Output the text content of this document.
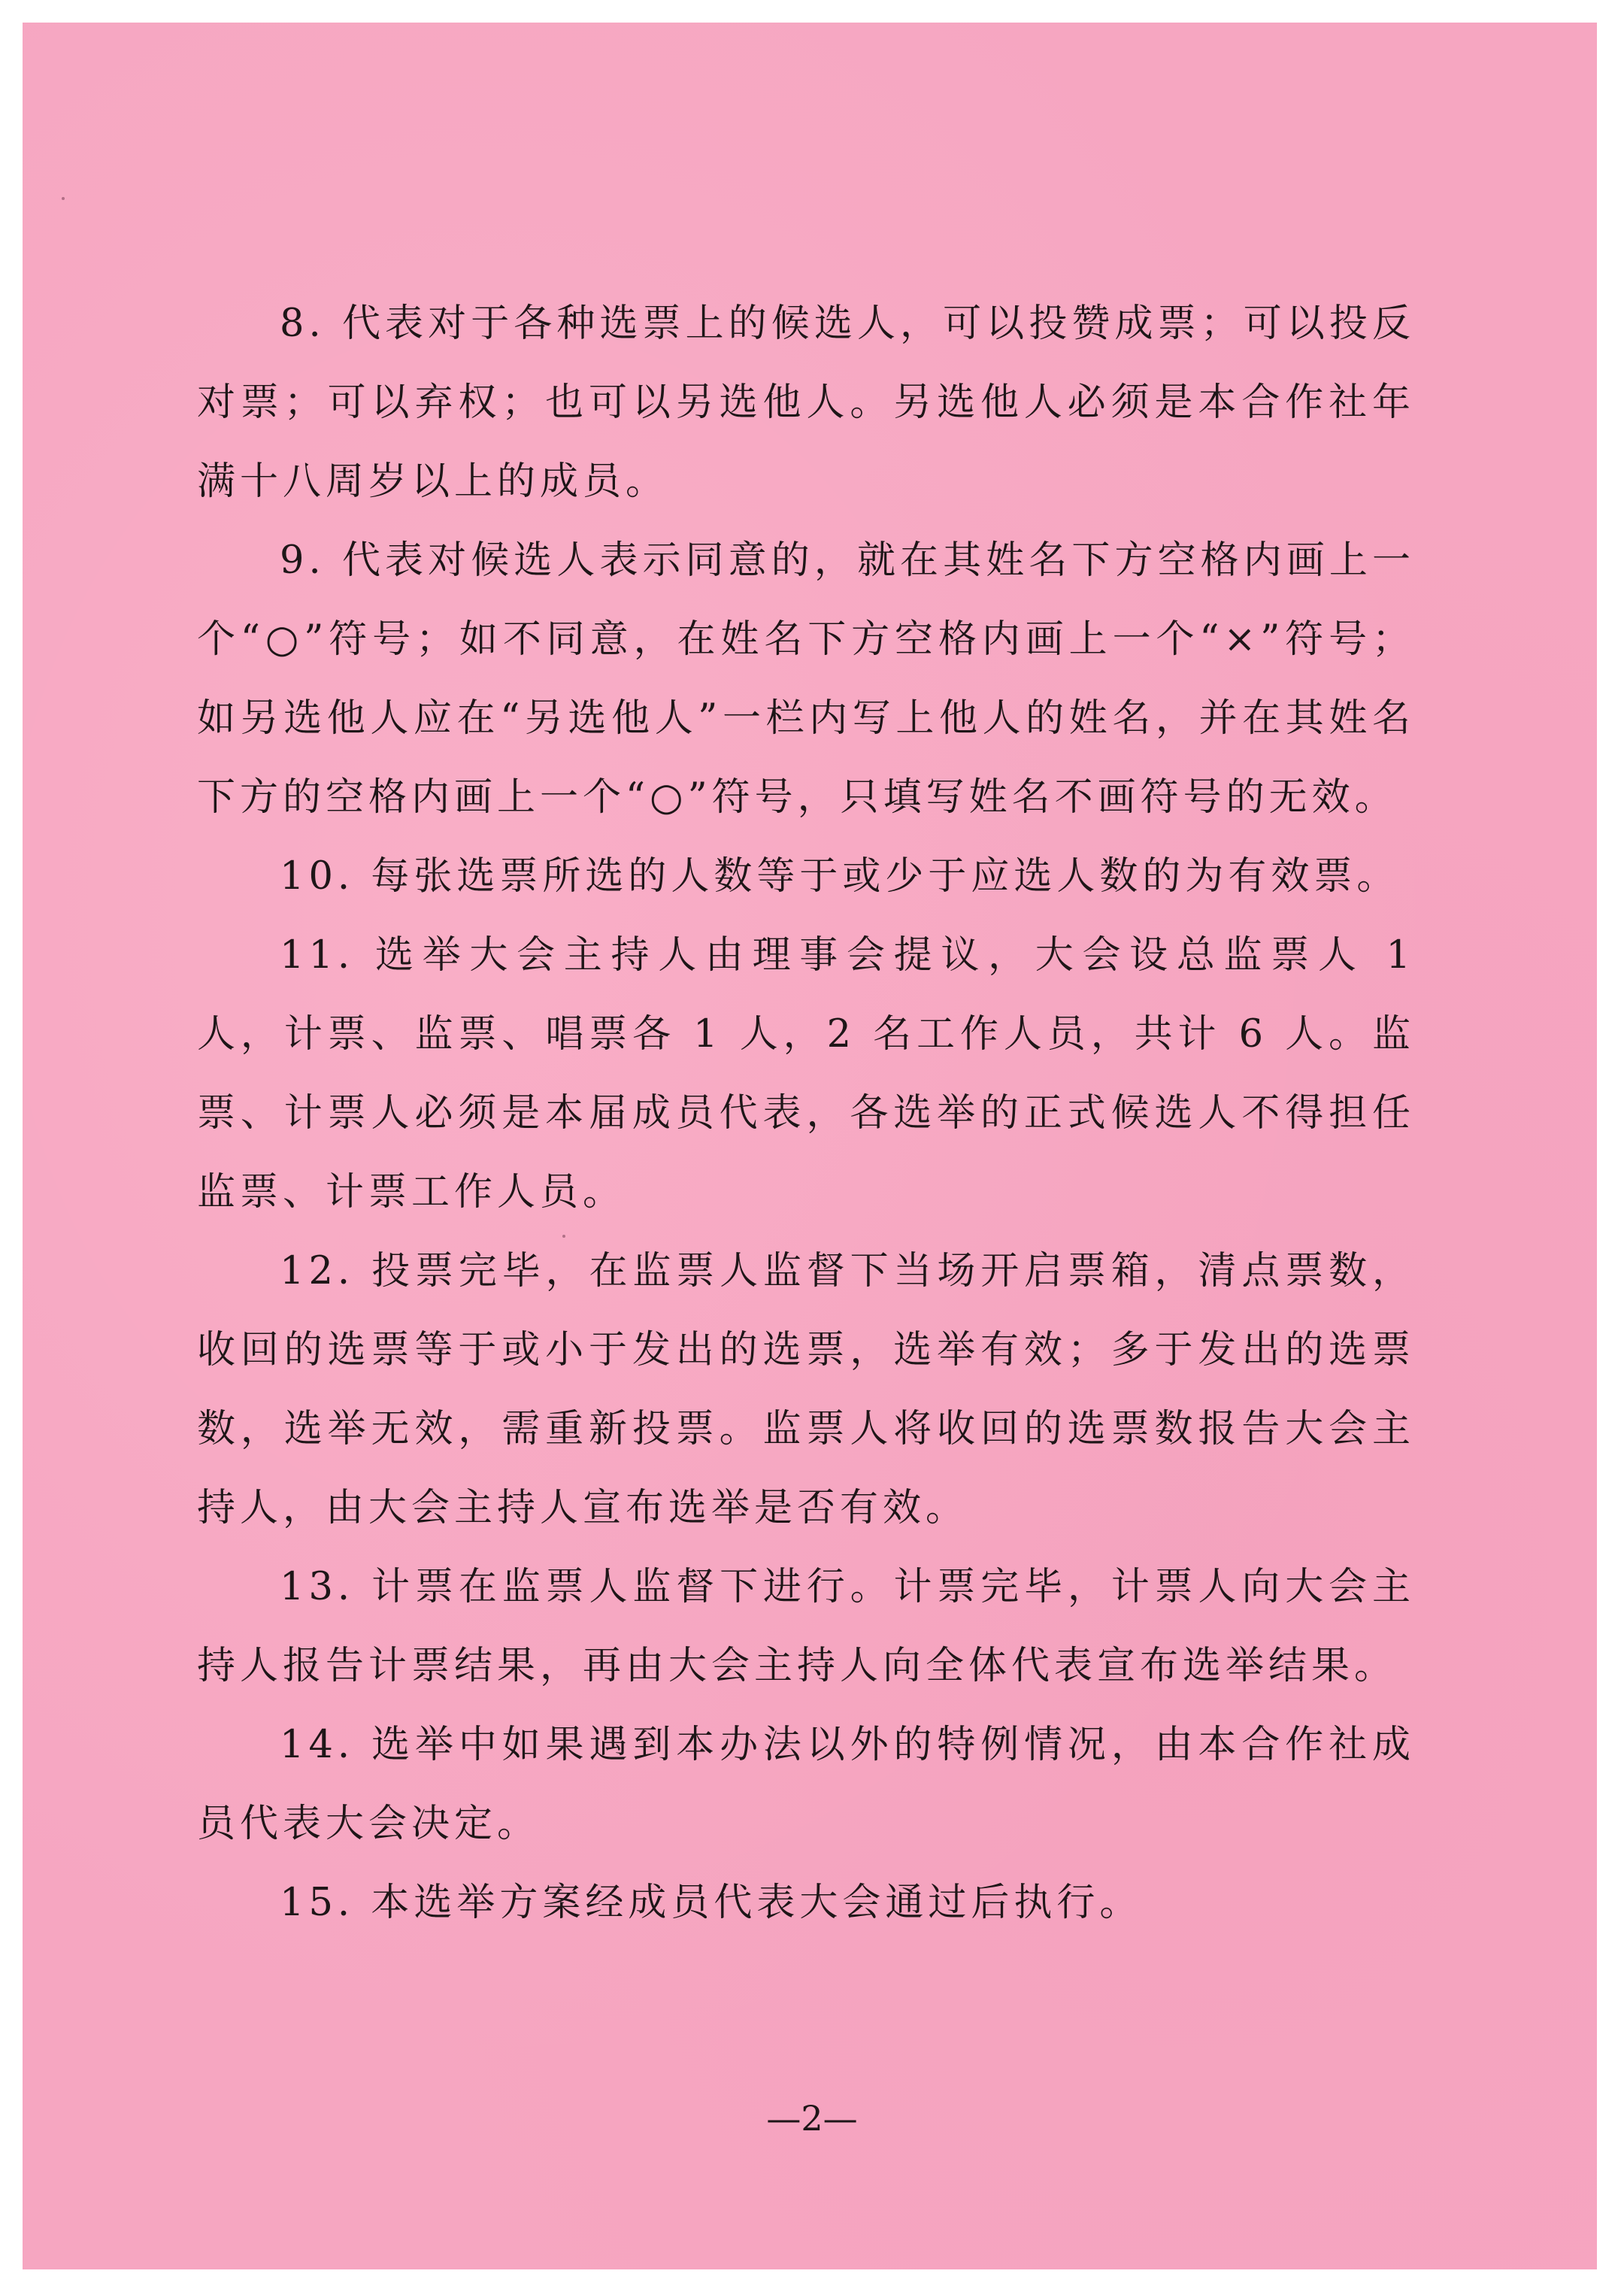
8. 代表对于各种选票上的候选人，可以投赞成票；可以投反对票；可以弃权；也可以另选他人。另选他人必须是本合作社年满十八周岁以上的成员。

9. 代表对候选人表示同意的，就在其姓名下方空格内画上一个“○”符号；如不同意，在姓名下方空格内画上一个“×”符号；如另选他人应在“另选他人”一栏内写上他人的姓名，并在其姓名下方的空格内画上一个“○”符号，只填写姓名不画符号的无效。

10. 每张选票所选的人数等于或少于应选人数的为有效票。

11. 选举大会主持人由理事会提议，大会设总监票人 1 人，计票、监票、唱票各 1 人，2 名工作人员，共计 6 人。监票、计票人必须是本届成员代表，各选举的正式候选人不得担任监票、计票工作人员。

12. 投票完毕，在监票人监督下当场开启票箱，清点票数，收回的选票等于或小于发出的选票，选举有效；多于发出的选票数，选举无效，需重新投票。监票人将收回的选票数报告大会主持人，由大会主持人宣布选举是否有效。

13. 计票在监票人监督下进行。计票完毕，计票人向大会主持人报告计票结果，再由大会主持人向全体代表宣布选举结果。

14. 选举中如果遇到本办法以外的特例情况，由本合作社成员代表大会决定。

15. 本选举方案经成员代表大会通过后执行。

—2—
